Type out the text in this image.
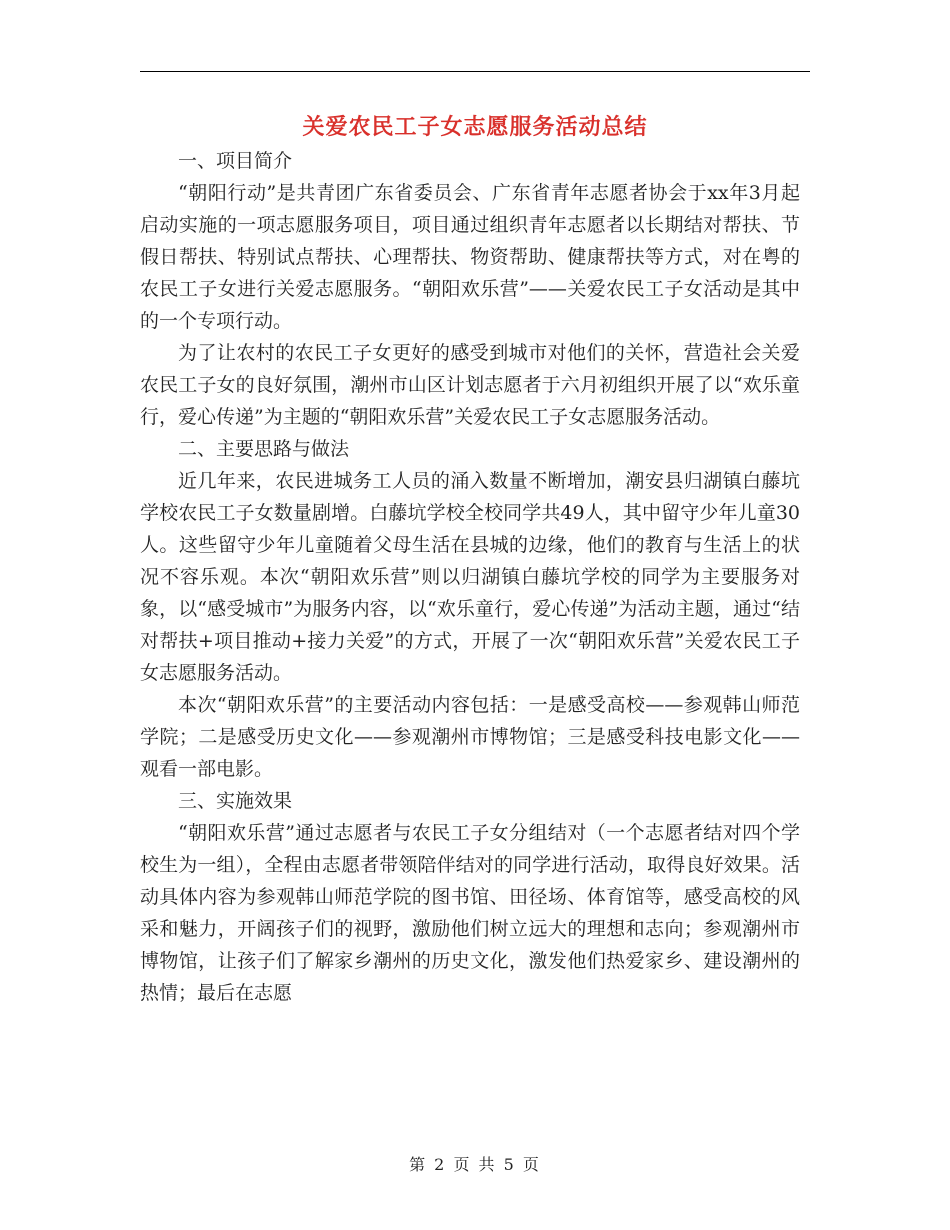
关爱农民工子女志愿服务活动总结

一、项目简介

“朝阳行动”是共青团广东省委员会、广东省青年志愿者协会于xx年3月起启动实施的一项志愿服务项目，项目通过组织青年志愿者以长期结对帮扶、节假日帮扶、特别试点帮扶、心理帮扶、物资帮助、健康帮扶等方式，对在粤的农民工子女进行关爱志愿服务。“朝阳欢乐营”——关爱农民工子女活动是其中的一个专项行动。

为了让农村的农民工子女更好的感受到城市对他们的关怀，营造社会关爱农民工子女的良好氛围，潮州市山区计划志愿者于六月初组织开展了以“欢乐童行，爱心传递”为主题的“朝阳欢乐营”关爱农民工子女志愿服务活动。

二、主要思路与做法

近几年来，农民进城务工人员的涌入数量不断增加，潮安县归湖镇白藤坑学校农民工子女数量剧增。白藤坑学校全校同学共49人，其中留守少年儿童30人。这些留守少年儿童随着父母生活在县城的边缘，他们的教育与生活上的状况不容乐观。本次“朝阳欢乐营”则以归湖镇白藤坑学校的同学为主要服务对象，以“感受城市”为服务内容，以“欢乐童行，爱心传递”为活动主题，通过“结对帮扶+项目推动+接力关爱”的方式，开展了一次“朝阳欢乐营”关爱农民工子女志愿服务活动。

本次“朝阳欢乐营”的主要活动内容包括：一是感受高校——参观韩山师范学院；二是感受历史文化——参观潮州市博物馆；三是感受科技电影文化——观看一部电影。

三、实施效果

“朝阳欢乐营”通过志愿者与农民工子女分组结对（一个志愿者结对四个学校生为一组），全程由志愿者带领陪伴结对的同学进行活动，取得良好效果。活动具体内容为参观韩山师范学院的图书馆、田径场、体育馆等，感受高校的风采和魅力，开阔孩子们的视野，激励他们树立远大的理想和志向；参观潮州市博物馆，让孩子们了解家乡潮州的历史文化，激发他们热爱家乡、建设潮州的热情；最后在志愿

第 2 页 共 5 页
